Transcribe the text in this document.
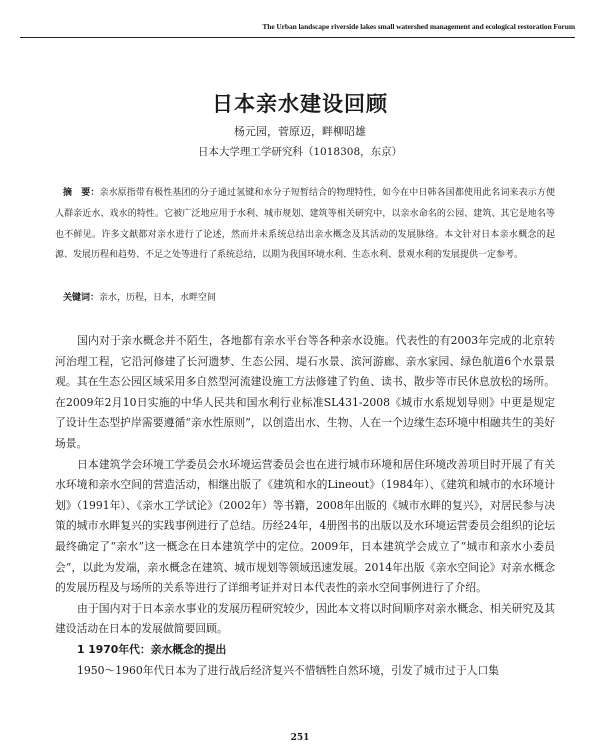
The Urban landscape riverside lakes small watershed management and ecological restoration Forum
日本亲水建设回顾
杨元园，菅原迈，畔柳昭雄
日本大学理工学研究科（1018308，东京）
摘　要：亲水原指带有极性基团的分子通过氢键和水分子短暂结合的物理特性，如今在中日韩各国都使用此名词来表示方便人群亲近水、戏水的特性。它被广泛地应用于水利、城市规划、建筑等相关研究中，以亲水命名的公园、建筑、其它是地名等也不鲜见。许多文献都对亲水进行了论述，然而并未系统总结出亲水概念及其活动的发展脉络。本文针对日本亲水概念的起源、发展历程和趋势、不足之处等进行了系统总结，以期为我国环境水利、生态水利、景观水利的发展提供一定参考。
关键词：亲水，历程，日本，水畔空间

国内对于亲水概念并不陌生，各地都有亲水平台等各种亲水设施。代表性的有2003年完成的北京转河治理工程，它沿河修建了长河遗梦、生态公园、堤石水景、滨河游廊、亲水家园、绿色航道6个水景景观。其在生态公园区域采用多自然型河流建设施工方法修建了钓鱼、读书、散步等市民休息放松的场所。在2009年2月10日实施的中华人民共和国水利行业标准SL431-2008《城市水系规划导则》中更是规定了设计生态型护岸需要遵循“亲水性原则”，以创造出水、生物、人在一个边缘生态环境中相融共生的美好场景。

日本建筑学会环境工学委员会水环境运营委员会也在进行城市环境和居住环境改善项目时开展了有关水环境和亲水空间的营造活动，相继出版了《建筑和水的Lineout》（1984年）、《建筑和城市的水环境计划》（1991年）、《亲水工学试论》（2002年）等书籍，2008年出版的《城市水畔的复兴》，对居民参与决策的城市水畔复兴的实践事例进行了总结。历经24年，4册图书的出版以及水环境运营委员会组织的论坛最终确定了“亲水”这一概念在日本建筑学中的定位。2009年，日本建筑学会成立了“城市和亲水小委员会”，以此为发端，亲水概念在建筑、城市规划等领域迅速发展。2014年出版《亲水空间论》对亲水概念的发展历程及与场所的关系等进行了详细考证并对日本代表性的亲水空间事例进行了介绍。

由于国内对于日本亲水事业的发展历程研究较少，因此本文将以时间顺序对亲水概念、相关研究及其建设活动在日本的发展做简要回顾。

1 1970年代：亲水概念的提出

1950～1960年代日本为了进行战后经济复兴不惜牺牲自然环境，引发了城市过于人口集

251
